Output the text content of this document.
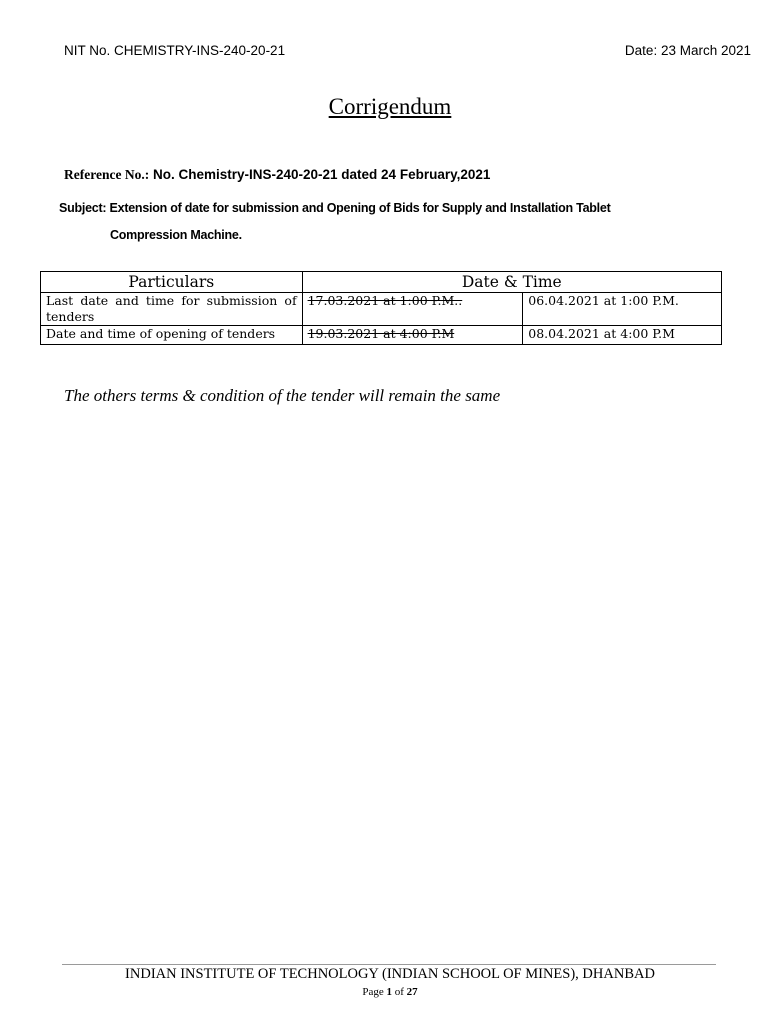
NIT No. CHEMISTRY-INS-240-20-21	Date: 23 March 2021
Corrigendum
Reference No.: No. Chemistry-INS-240-20-21 dated 24 February,2021
Subject: Extension of date for submission and Opening of Bids for Supply and Installation Tablet
Compression Machine.
Particulars	Date & Time	
Last date and time for submission of tenders	17.03.2021 at 1:00 P.M..	06.04.2021 at 1:00 P.M.
Date and time of opening of tenders	19.03.2021 at 4:00 P.M	08.04.2021 at 4:00 P.M
The others terms & condition of the tender will remain the same
INDIAN INSTITUTE OF TECHNOLOGY (INDIAN SCHOOL OF MINES), DHANBAD
Page 1 of 27
